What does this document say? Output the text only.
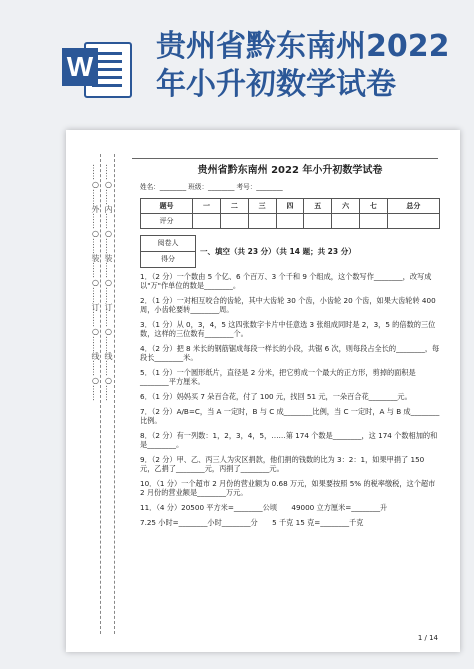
W
贵州省黔东南州2022年小升初数学试卷
……○……外……○……装……○……订……○……线……○…… ……○……内……○……装……○……订……○……线……○……	贵州省黔东南州 2022 年小升初数学试卷
姓名：________ 班级：________ 考号：________
题号	一	二	三	四	五	六	七	总分
评分								
阅卷人
得分
一、填空（共 23 分）（共 14 题；共 23 分）
1．（2 分）一个数由 5 个亿、6 个百万、3 个千和 9 个组成，这个数写作________，改写成以"万"作单位的数是________。
2．（1 分）一对相互咬合的齿轮，其中大齿轮 30 个齿，小齿轮 20 个齿，如果大齿轮转 400 周，小齿轮要转________周。
3．（1 分）从 0，3，4，5 这四张数字卡片中任意选 3 张组成同时是 2，3，5 的倍数的三位数，这样的三位数有________个。
4．（2 分）把 8 米长的钢筋锯成每段一样长的小段，共锯 6 次，则每段占全长的________，每段长________米。
5．（1 分）一个圆形纸片，直径是 2 分米，把它剪成一个最大的正方形，剪掉的面积是________平方厘米。
6．（1 分）妈妈买 7 朵百合花，付了 100 元，找回 51 元，一朵百合花________元。
7．（2 分）A/B=C，当 A 一定时，B 与 C 成________比例，当 C 一定时，A 与 B 成________比例。
8．（2 分）有一列数：1，2，3，4，5，……第 174 个数是________，这 174 个数相加的和是________。
9．（2 分）甲、乙、丙三人为灾区捐款，他们捐的钱数的比为 3：2：1，如果甲捐了 150 元，乙捐了________元，丙捐了________元。
10．（1 分）一个超市 2 月份的营业额为 0.68 万元，如果要按照 5% 的税率缴税，这个超市 2 月份的营业额是________万元。
11．（4 分）20500 平方米=________公顷　　49000 立方厘米=________升
7.25 小时=________小时________分　　5 千克 15 克=________千克
1 / 14
